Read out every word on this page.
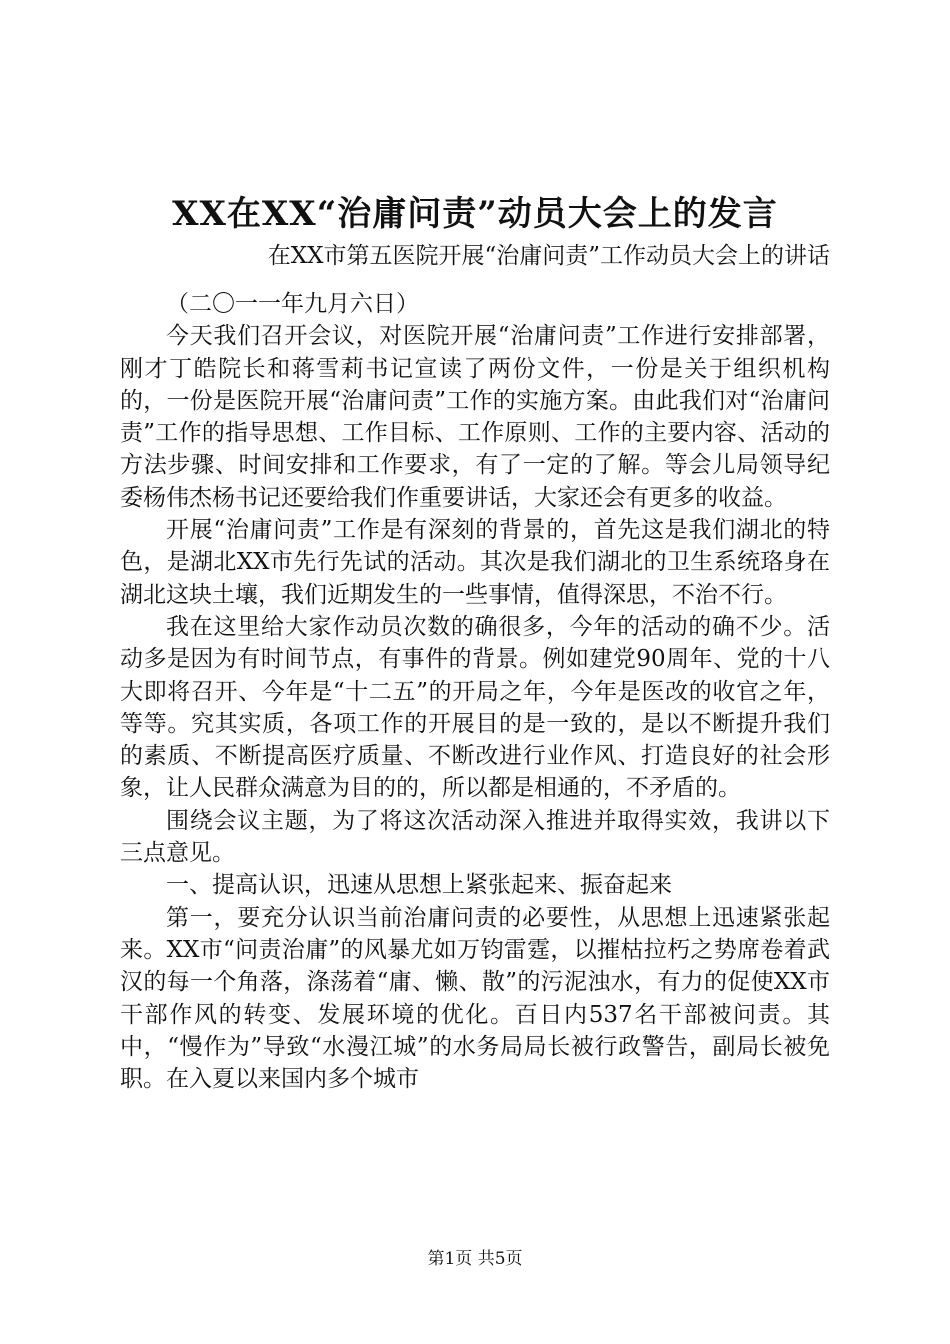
XX在XX“治庸问责”动员大会上的发言
在XX市第五医院开展“治庸问责”工作动员大会上的讲话

（二〇一一年九月六日）

今天我们召开会议，对医院开展“治庸问责”工作进行安排部署，刚才丁皓院长和蒋雪莉书记宣读了两份文件，一份是关于组织机构的，一份是医院开展“治庸问责”工作的实施方案。由此我们对“治庸问责”工作的指导思想、工作目标、工作原则、工作的主要内容、活动的方法步骤、时间安排和工作要求，有了一定的了解。等会儿局领导纪委杨伟杰杨书记还要给我们作重要讲话，大家还会有更多的收益。

开展“治庸问责”工作是有深刻的背景的，首先这是我们湖北的特色，是湖北XX市先行先试的活动。其次是我们湖北的卫生系统珞身在湖北这块土壤，我们近期发生的一些事情，值得深思，不治不行。

我在这里给大家作动员次数的确很多，今年的活动的确不少。活动多是因为有时间节点，有事件的背景。例如建党90周年、党的十八大即将召开、今年是“十二五”的开局之年，今年是医改的收官之年，等等。究其实质，各项工作的开展目的是一致的，是以不断提升我们的素质、不断提高医疗质量、不断改进行业作风、打造良好的社会形象，让人民群众满意为目的的，所以都是相通的，不矛盾的。

围绕会议主题，为了将这次活动深入推进并取得实效，我讲以下三点意见。

一、提高认识，迅速从思想上紧张起来、振奋起来

第一，要充分认识当前治庸问责的必要性，从思想上迅速紧张起来。XX市“问责治庸”的风暴尤如万钧雷霆，以摧枯拉朽之势席卷着武汉的每一个角落，涤荡着“庸、懒、散”的污泥浊水，有力的促使XX市干部作风的转变、发展环境的优化。百日内537名干部被问责。其中，“慢作为”导致“水漫江城”的水务局局长被行政警告，副局长被免职。在入夏以来国内多个城市

第1页 共5页
